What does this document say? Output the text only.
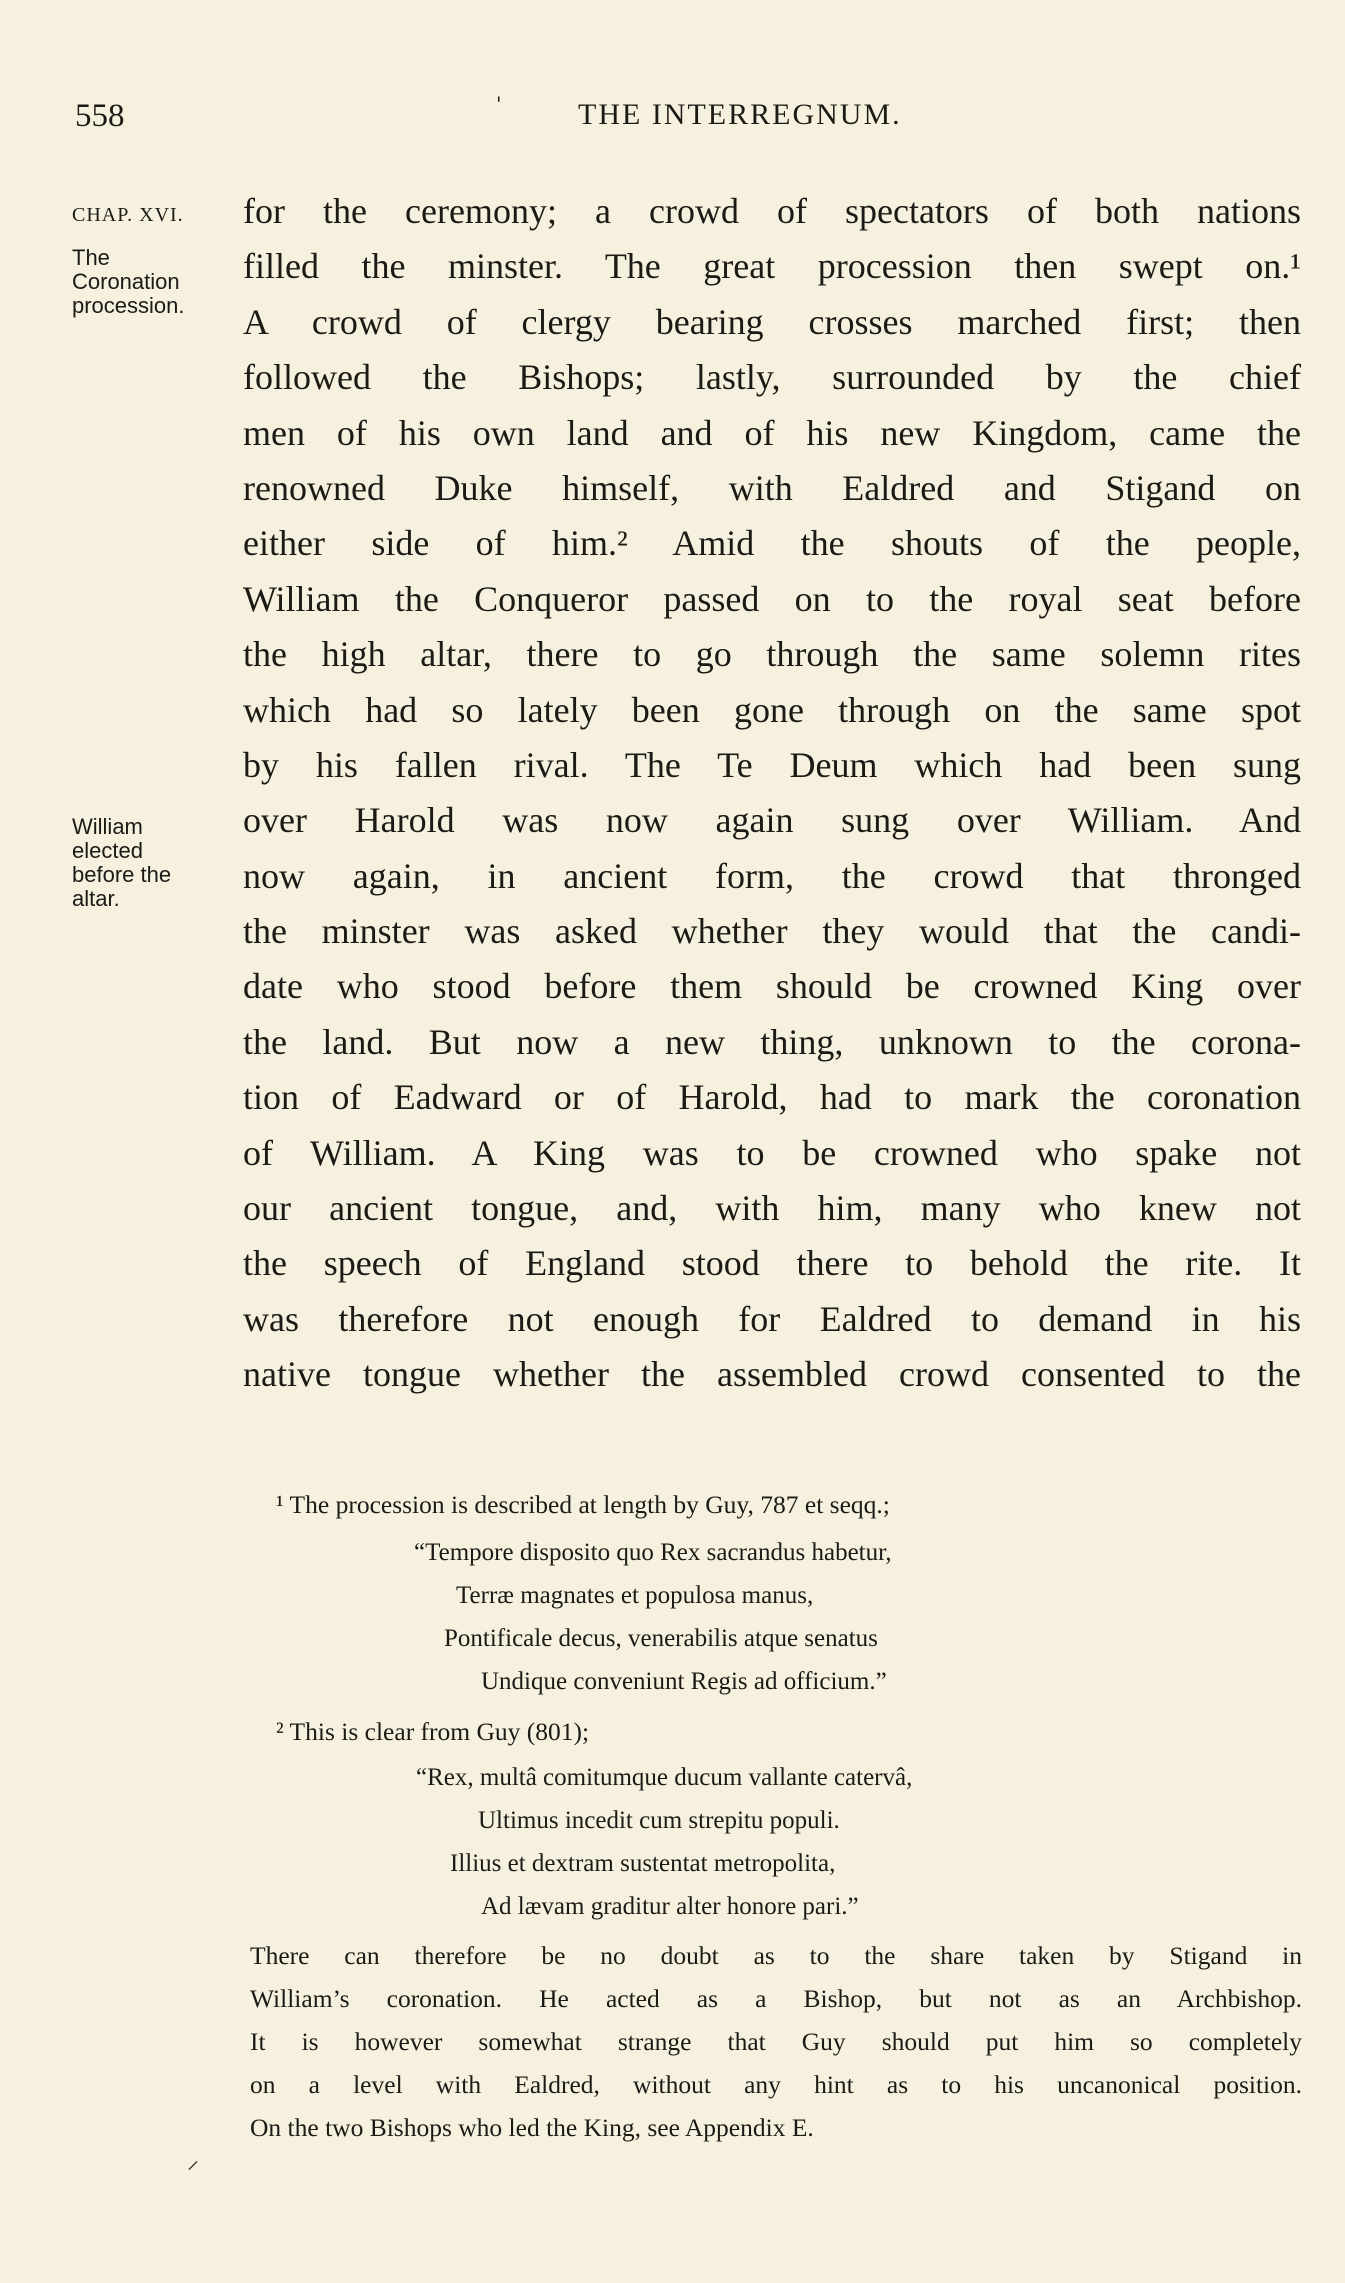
558	'	THE INTERREGNUM.
CHAP. XVI.
The
Coronation
procession.
William
elected
before the
altar.
for the ceremony; a crowd of spectators of both nations
filled the minster. The great procession then swept on.¹
A crowd of clergy bearing crosses marched first; then
followed the Bishops; lastly, surrounded by the chief
men of his own land and of his new Kingdom, came the
renowned Duke himself, with Ealdred and Stigand on
either side of him.² Amid the shouts of the people,
William the Conqueror passed on to the royal seat before
the high altar, there to go through the same solemn rites
which had so lately been gone through on the same spot
by his fallen rival. The Te Deum which had been sung
over Harold was now again sung over William. And
now again, in ancient form, the crowd that thronged
the minster was asked whether they would that the candi-
date who stood before them should be crowned King over
the land. But now a new thing, unknown to the corona-
tion of Eadward or of Harold, had to mark the coronation
of William. A King was to be crowned who spake not
our ancient tongue, and, with him, many who knew not
the speech of England stood there to behold the rite. It
was therefore not enough for Ealdred to demand in his
native tongue whether the assembled crowd consented to the
¹ The procession is described at length by Guy, 787 et seqq.;
“Tempore disposito quo Rex sacrandus habetur,
Terræ magnates et populosa manus,
Pontificale decus, venerabilis atque senatus
Undique conveniunt Regis ad officium.”
² This is clear from Guy (801);
“Rex, multâ comitumque ducum vallante catervâ,
Ultimus incedit cum strepitu populi.
Illius et dextram sustentat metropolita,
Ad lævam graditur alter honore pari.”
There can therefore be no doubt as to the share taken by Stigand in
William’s coronation. He acted as a Bishop, but not as an Archbishop.
It is however somewhat strange that Guy should put him so completely
on a level with Ealdred, without any hint as to his uncanonical position.
On the two Bishops who led the King, see Appendix E.
⸝
